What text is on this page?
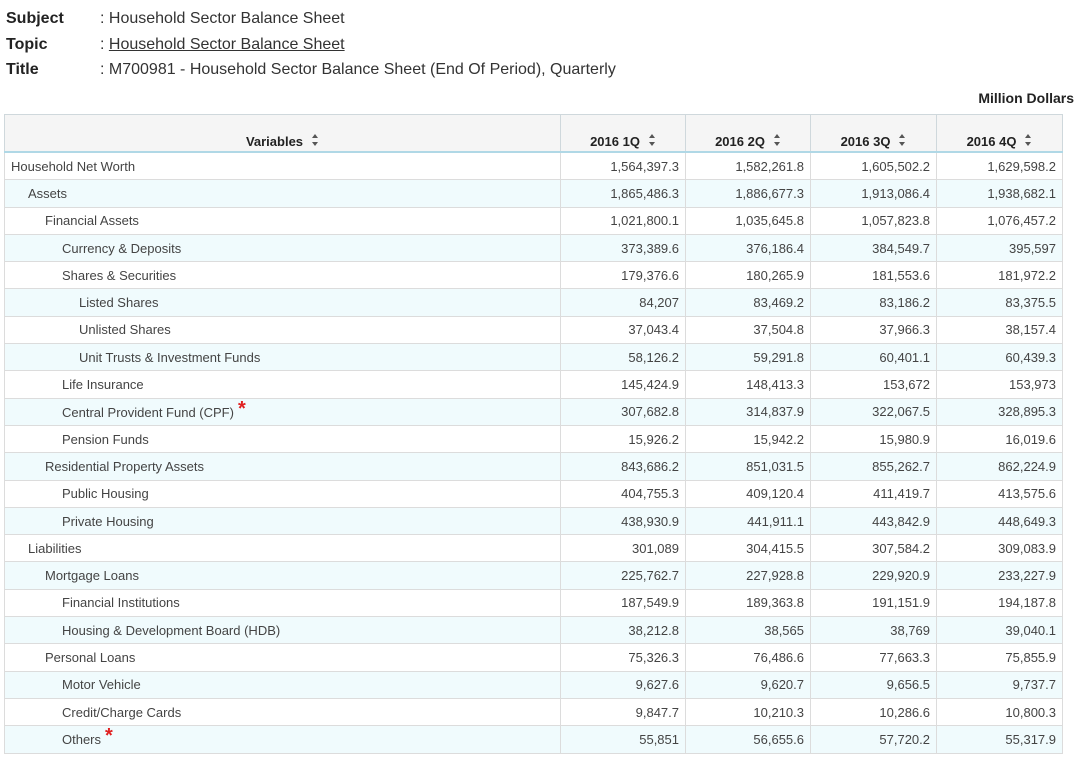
Subject : Household Sector Balance Sheet
Topic	: Household Sector Balance Sheet
Title	: M700981 - Household Sector Balance Sheet (End Of Period), Quarterly
Million Dollars
Variables	2016 1Q	2016 2Q	2016 3Q	2016 4Q
Household Net Worth	1,564,397.3	1,582,261.8	1,605,502.2	1,629,598.2
Assets	1,865,486.3	1,886,677.3	1,913,086.4	1,938,682.1
Financial Assets	1,021,800.1	1,035,645.8	1,057,823.8	1,076,457.2
Currency & Deposits	373,389.6	376,186.4	384,549.7	395,597
Shares & Securities	179,376.6	180,265.9	181,553.6	181,972.2
Listed Shares	84,207	83,469.2	83,186.2	83,375.5
Unlisted Shares	37,043.4	37,504.8	37,966.3	38,157.4
Unit Trusts & Investment Funds	58,126.2	59,291.8	60,401.1	60,439.3
Life Insurance	145,424.9	148,413.3	153,672	153,973
Central Provident Fund (CPF) *	307,682.8	314,837.9	322,067.5	328,895.3
Pension Funds	15,926.2	15,942.2	15,980.9	16,019.6
Residential Property Assets	843,686.2	851,031.5	855,262.7	862,224.9
Public Housing	404,755.3	409,120.4	411,419.7	413,575.6
Private Housing	438,930.9	441,911.1	443,842.9	448,649.3
Liabilities	301,089	304,415.5	307,584.2	309,083.9
Mortgage Loans	225,762.7	227,928.8	229,920.9	233,227.9
Financial Institutions	187,549.9	189,363.8	191,151.9	194,187.8
Housing & Development Board (HDB)	38,212.8	38,565	38,769	39,040.1
Personal Loans	75,326.3	76,486.6	77,663.3	75,855.9
Motor Vehicle	9,627.6	9,620.7	9,656.5	9,737.7
Credit/Charge Cards	9,847.7	10,210.3	10,286.6	10,800.3
Others *	55,851	56,655.6	57,720.2	55,317.9
